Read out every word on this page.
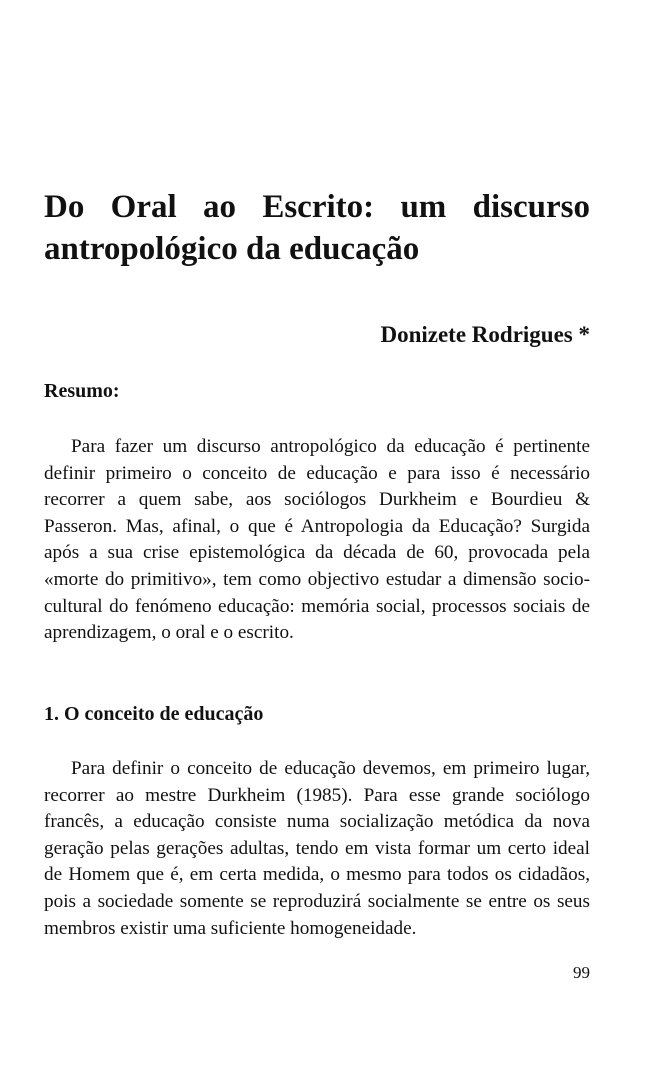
Do Oral ao Escrito: um discurso
antropológico da educação

Donizete Rodrigues *

Resumo:

Para fazer um discurso antropológico da educação é pertinente definir primeiro o conceito de educação e para isso é necessário recorrer a quem sabe, aos sociólogos Durkheim e Bourdieu & Passeron. Mas, afinal, o que é Antropologia da Educação? Surgida após a sua crise epistemológica da década de 60, provocada pela «morte do primitivo», tem como objectivo estudar a dimensão socio-cultural do fenómeno educação: memória social, processos sociais de aprendizagem, o oral e o escrito.

1. O conceito de educação

Para definir o conceito de educação devemos, em primeiro lugar, recorrer ao mestre Durkheim (1985). Para esse grande sociólogo francês, a educação consiste numa socialização metódica da nova geração pelas gerações adultas, tendo em vista formar um certo ideal de Homem que é, em certa medida, o mesmo para todos os cidadãos, pois a sociedade somente se reproduzirá socialmente se entre os seus membros existir uma suficiente homogeneidade.

99
